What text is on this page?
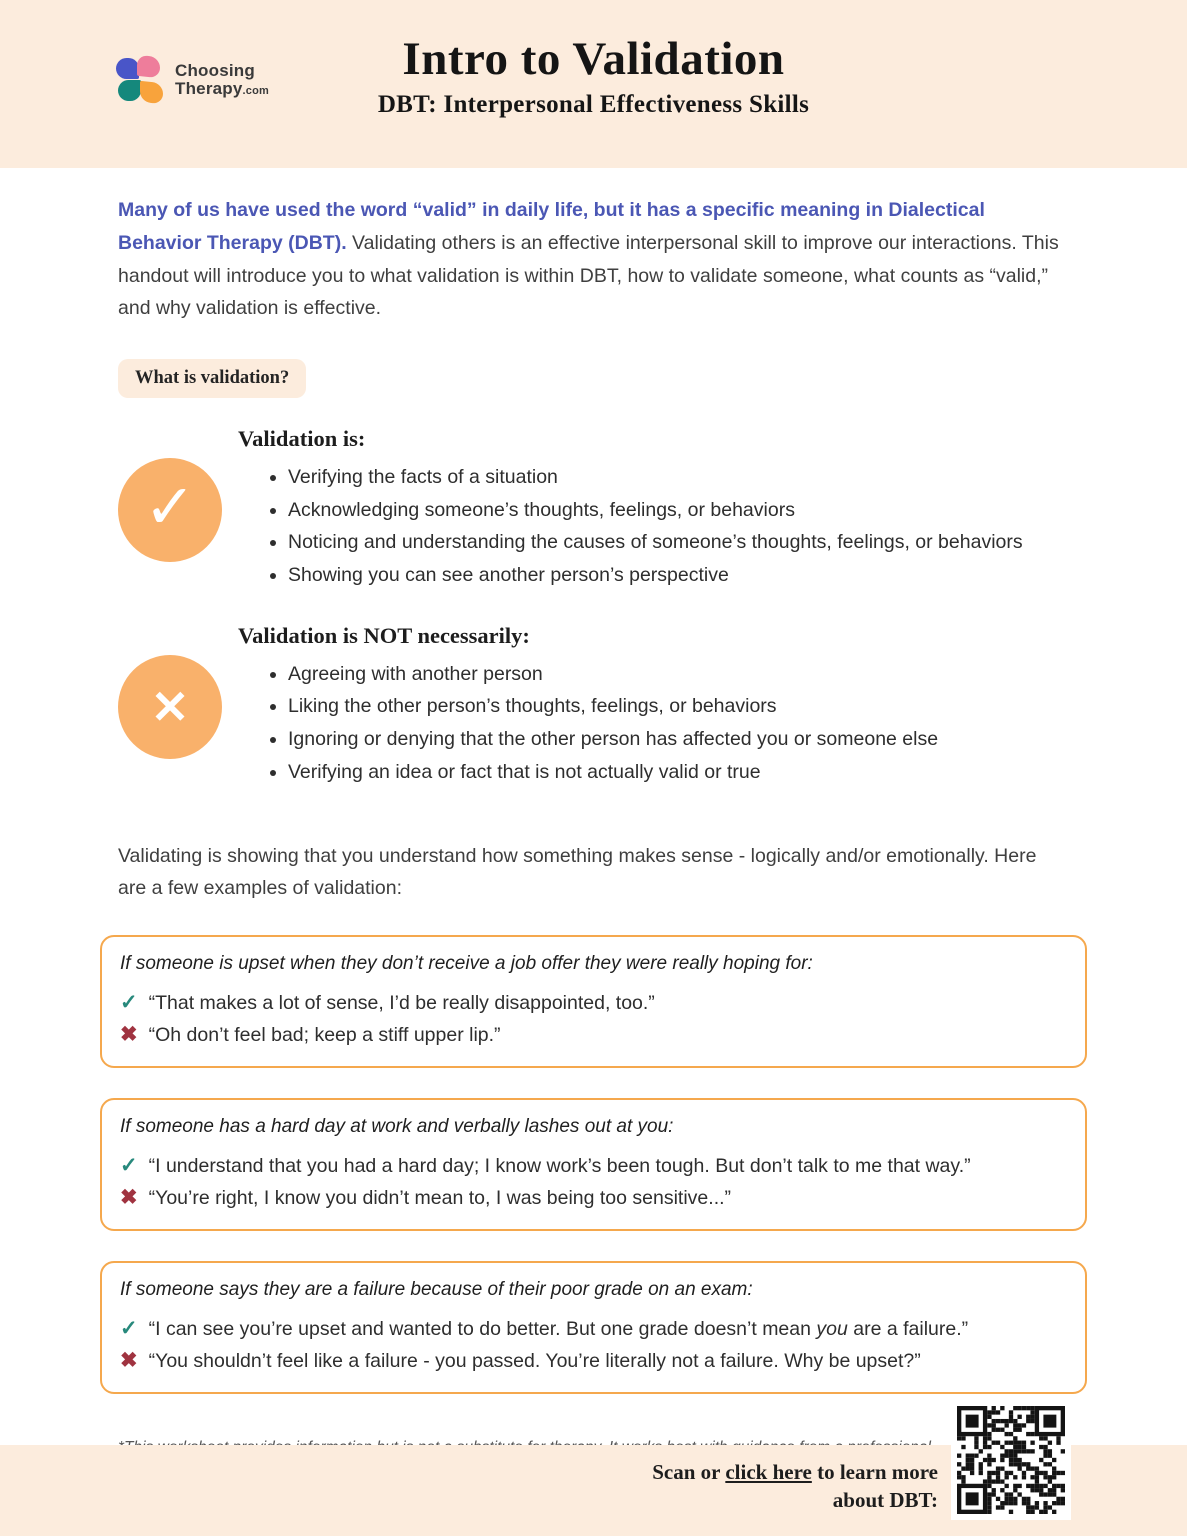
Choosing
Therapy.com
Intro to Validation
DBT: Interpersonal Effectiveness Skills

Many of us have used the word “valid” in daily life, but it has a specific meaning in Dialectical Behavior Therapy (DBT). Validating others is an effective interpersonal skill to improve our interactions. This handout will introduce you to what validation is within DBT, how to validate someone, what counts as “valid,” and why validation is effective.

What is validation?
✓
Validation is:
• Verifying the facts of a situation
• Acknowledging someone’s thoughts, feelings, or behaviors
• Noticing and understanding the causes of someone’s thoughts, feelings, or behaviors
• Showing you can see another person’s perspective
✕
Validation is NOT necessarily:
• Agreeing with another person
• Liking the other person’s thoughts, feelings, or behaviors
• Ignoring or denying that the other person has affected you or someone else
• Verifying an idea or fact that is not actually valid or true

Validating is showing that you understand how something makes sense - logically and/or emotionally. Here are a few examples of validation:

If someone is upset when they don’t receive a job offer they were really hoping for:

✓ “That makes a lot of sense, I’d be really disappointed, too.”
✖ “Oh don’t feel bad; keep a stiff upper lip.”

If someone has a hard day at work and verbally lashes out at you:

✓ “I understand that you had a hard day; I know work’s been tough. But don’t talk to me that way.”
✖ “You’re right, I know you didn’t mean to, I was being too sensitive...”

If someone says they are a failure because of their poor grade on an exam:

✓ “I can see you’re upset and wanted to do better. But one grade doesn’t mean you are a failure.”
✖ “You shouldn’t feel like a failure - you passed. You’re literally not a failure. Why be upset?”

Scan or click here to learn more
about DBT:
